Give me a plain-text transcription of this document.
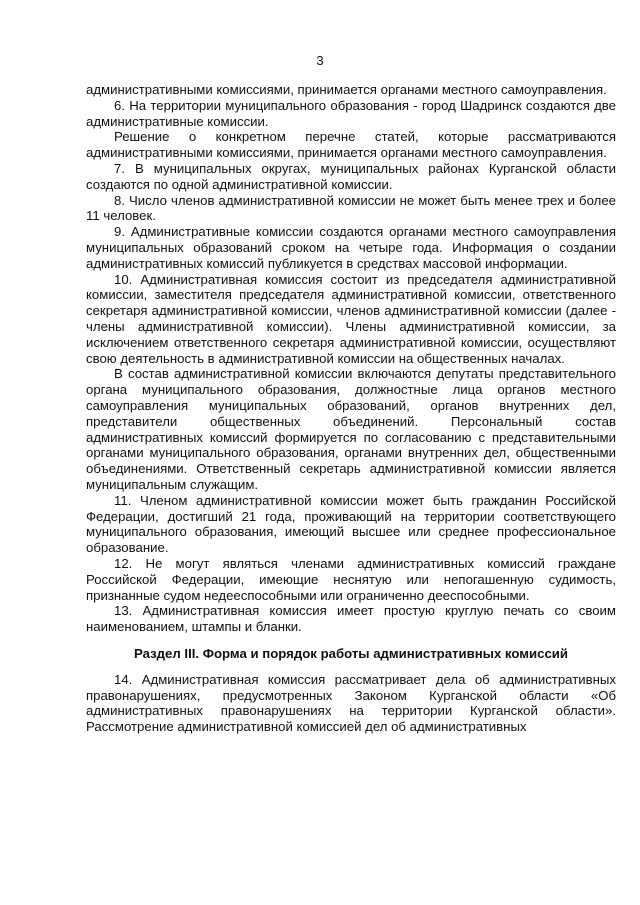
3

административными комиссиями, принимается органами местного самоуправления.

6. На территории муниципального образования - город Шадринск создаются две административные комиссии.

Решение о конкретном перечне статей, которые рассматриваются административными комиссиями, принимается органами местного самоуправления.

7. В муниципальных округах, муниципальных районах Курганской области создаются по одной административной комиссии.

8. Число членов административной комиссии не может быть менее трех и более 11 человек.

9. Административные комиссии создаются органами местного самоуправления муниципальных образований сроком на четыре года. Информация о создании административных комиссий публикуется в средствах массовой информации.

10. Административная комиссия состоит из председателя административной комиссии, заместителя председателя административной комиссии, ответственного секретаря административной комиссии, членов административной комиссии (далее - члены административной комиссии). Члены административной комиссии, за исключением ответственного секретаря административной комиссии, осуществляют свою деятельность в административной комиссии на общественных началах.

В состав административной комиссии включаются депутаты представительного органа муниципального образования, должностные лица органов местного самоуправления муниципальных образований, органов внутренних дел, представители общественных объединений. Персональный состав административных комиссий формируется по согласованию с представительными органами муниципального образования, органами внутренних дел, общественными объединениями. Ответственный секретарь административной комиссии является муниципальным служащим.

11. Членом административной комиссии может быть гражданин Российской Федерации, достигший 21 года, проживающий на территории соответствующего муниципального образования, имеющий высшее или среднее профессиональное образование.

12. Не могут являться членами административных комиссий граждане Российской Федерации, имеющие неснятую или непогашенную судимость, признанные судом недееспособными или ограниченно дееспособными.

13. Административная комиссия имеет простую круглую печать со своим наименованием, штампы и бланки.

Раздел III. Форма и порядок работы административных комиссий

14. Административная комиссия рассматривает дела об административных правонарушениях, предусмотренных Законом Курганской области «Об административных правонарушениях на территории Курганской области». Рассмотрение административной комиссией дел об административных
